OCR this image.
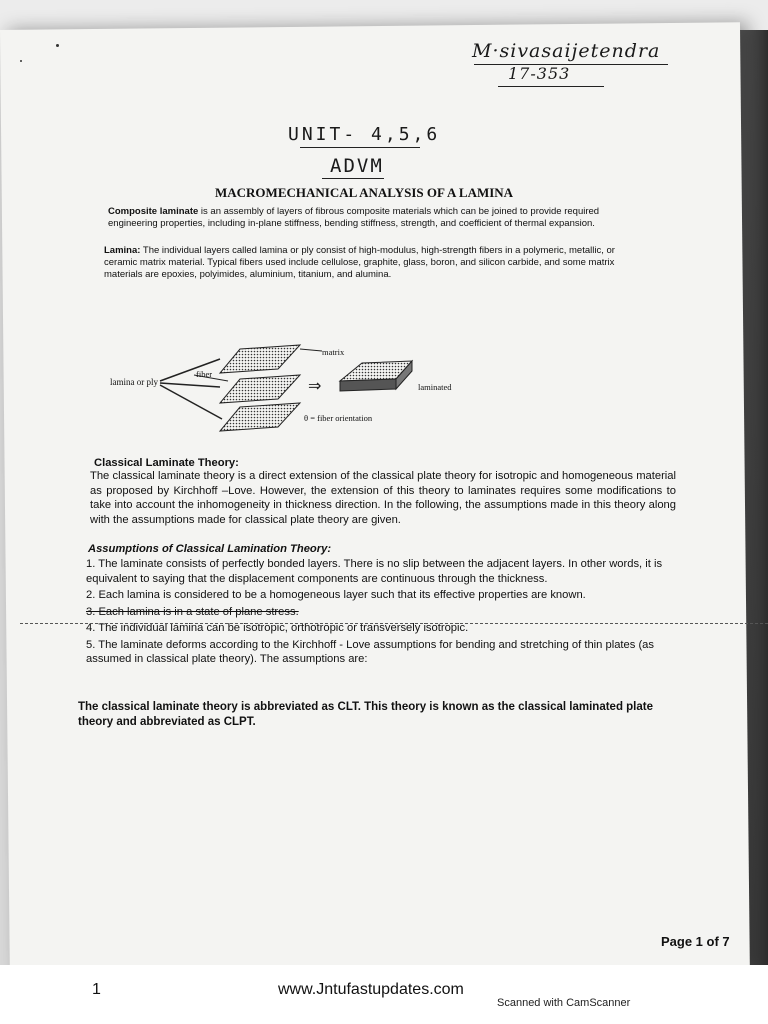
M·sivasaijetendra
17-353
UNIT- 4,5,6
ADVM
MACROMECHANICAL ANALYSIS OF A LAMINA
Composite laminate is an assembly of layers of fibrous composite materials which can be joined to provide required engineering properties, including in-plane stiffness, bending stiffness, strength, and coefficient of thermal expansion.
Lamina: The individual layers called lamina or ply consist of high-modulus, high-strength fibers in a polymeric, metallic, or ceramic matrix material. Typical fibers used include cellulose, graphite, glass, boron, and silicon carbide, and some matrix materials are epoxies, polyimides, aluminium, titanium, and alumina.
⇒
lamina or ply
fiber
matrix
laminated
θ = fiber orientation
Classical Laminate Theory:
The classical laminate theory is a direct extension of the classical plate theory for isotropic and homogeneous material as proposed by Kirchhoff –Love. However, the extension of this theory to laminates requires some modifications to take into account the inhomogeneity in thickness direction. In the following, the assumptions made in this theory along with the assumptions made for classical plate theory are given.
Assumptions of Classical Lamination Theory:
1. The laminate consists of perfectly bonded layers. There is no slip between the adjacent layers. In other words, it is equivalent to saying that the displacement components are continuous through the thickness.
2. Each lamina is considered to be a homogeneous layer such that its effective properties are known.
3. Each lamina is in a state of plane stress.
4. The individual lamina can be isotropic, orthotropic or transversely isotropic.
5. The laminate deforms according to the Kirchhoff - Love assumptions for bending and stretching of thin plates (as assumed in classical plate theory). The assumptions are:
The classical laminate theory is abbreviated as CLT. This theory is known as the classical laminated plate theory and abbreviated as CLPT.
Page 1 of 7
1	www.Jntufastupdates.com
Scanned with CamScanner
